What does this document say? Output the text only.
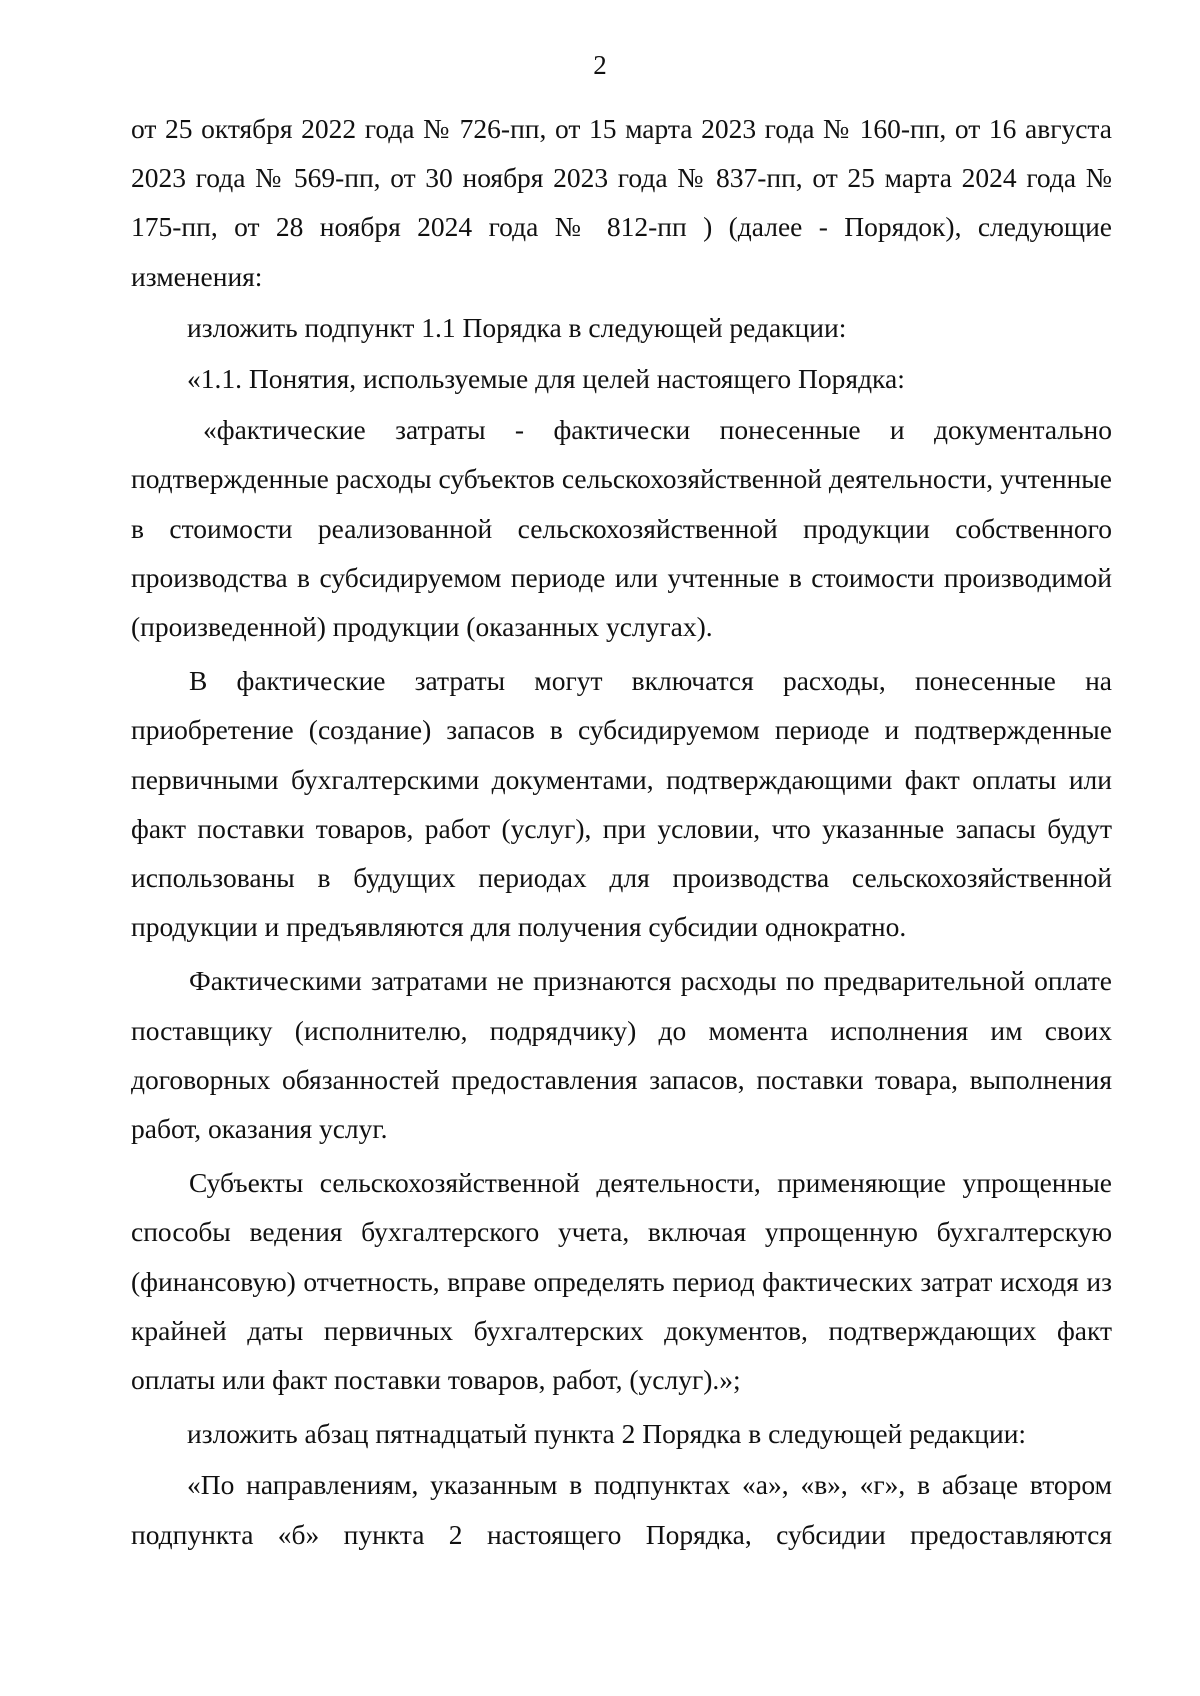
2

от 25 октября 2022 года № 726-пп, от 15 марта 2023 года № 160-пп, от 16 августа 2023 года № 569-пп, от 30 ноября 2023 года № 837-пп, от 25 марта 2024 года № 175-пп, от 28 ноября 2024 года № 812-пп ) (далее - Порядок), следующие изменения:

изложить подпункт 1.1 Порядка в следующей редакции:

«1.1. Понятия, используемые для целей настоящего Порядка:

«фактические затраты - фактически понесенные и документально подтвержденные расходы субъектов сельскохозяйственной деятельности, учтенные в стоимости реализованной сельскохозяйственной продукции собственного производства в субсидируемом периоде или учтенные в стоимости производимой (произведенной) продукции (оказанных услугах).

В фактические затраты могут включатся расходы, понесенные на приобретение (создание) запасов в субсидируемом периоде и подтвержденные первичными бухгалтерскими документами, подтверждающими факт оплаты или факт поставки товаров, работ (услуг), при условии, что указанные запасы будут использованы в будущих периодах для производства сельскохозяйственной продукции и предъявляются для получения субсидии однократно.

Фактическими затратами не признаются расходы по предварительной оплате поставщику (исполнителю, подрядчику) до момента исполнения им своих договорных обязанностей предоставления запасов, поставки товара, выполнения работ, оказания услуг.

Субъекты сельскохозяйственной деятельности, применяющие упрощенные способы ведения бухгалтерского учета, включая упрощенную бухгалтерскую (финансовую) отчетность, вправе определять период фактических затрат исходя из крайней даты первичных бухгалтерских документов, подтверждающих факт оплаты или факт поставки товаров, работ, (услуг).»;

изложить абзац пятнадцатый пункта 2 Порядка в следующей редакции:

«По направлениям, указанным в подпунктах «а», «в», «г», в абзаце втором подпункта «б» пункта 2 настоящего Порядка, субсидии предоставляются
